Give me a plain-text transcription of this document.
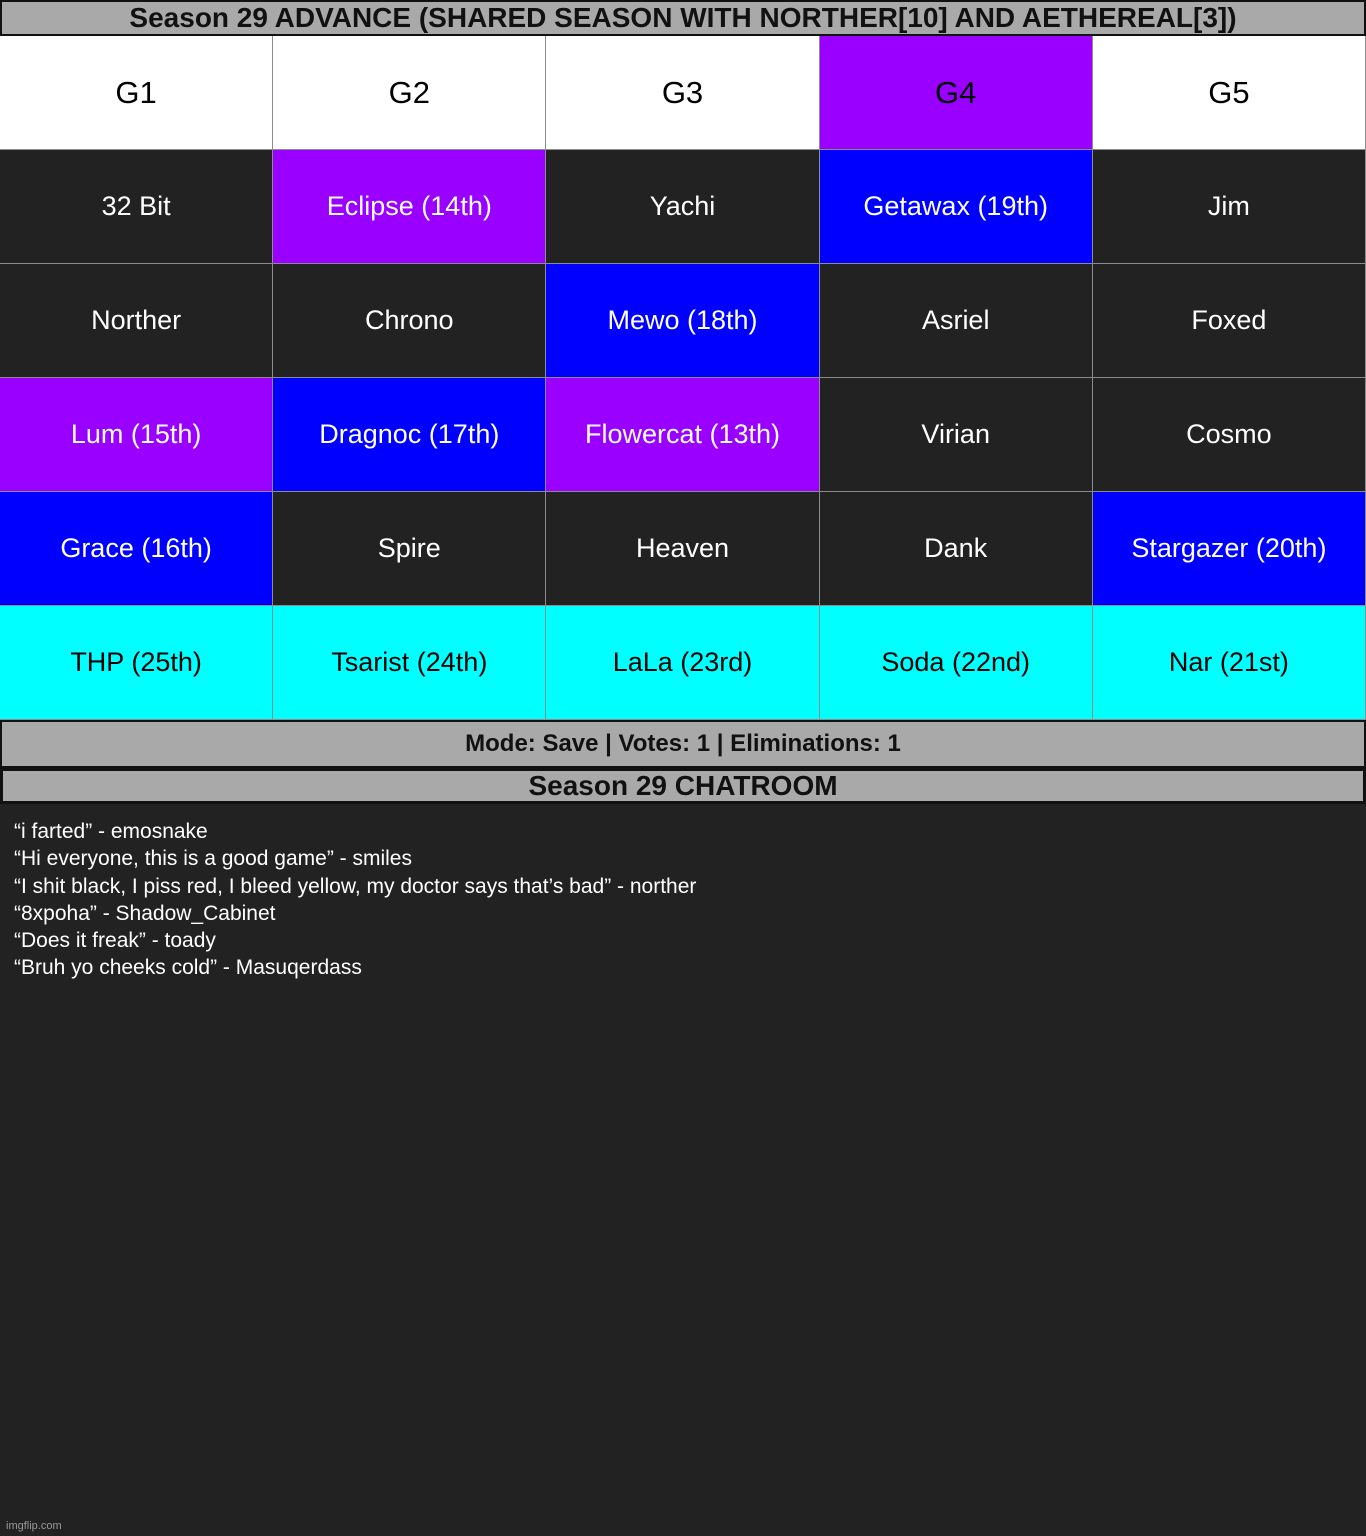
Season 29 ADVANCE (SHARED SEASON WITH NORTHER[10] AND AETHEREAL[3])
G1	G2	G3	G4	G5
32 Bit	Eclipse (14th)	Yachi	Getawax (19th)	Jim
Norther	Chrono	Mewo (18th)	Asriel	Foxed
Lum (15th)	Dragnoc (17th)	Flowercat (13th)	Virian	Cosmo
Grace (16th)	Spire	Heaven	Dank	Stargazer (20th)
THP (25th)	Tsarist (24th)	LaLa (23rd)	Soda (22nd)	Nar (21st)
Mode: Save | Votes: 1 | Eliminations: 1
Season 29 CHATROOM
“i farted” - emosnake
“Hi everyone, this is a good game” - smiles
“I shit black, I piss red, I bleed yellow, my doctor says that’s bad” - norther
“8xpoha” - Shadow_Cabinet
“Does it freak” - toady
“Bruh yo cheeks cold” - Masuqerdass
imgflip.com
